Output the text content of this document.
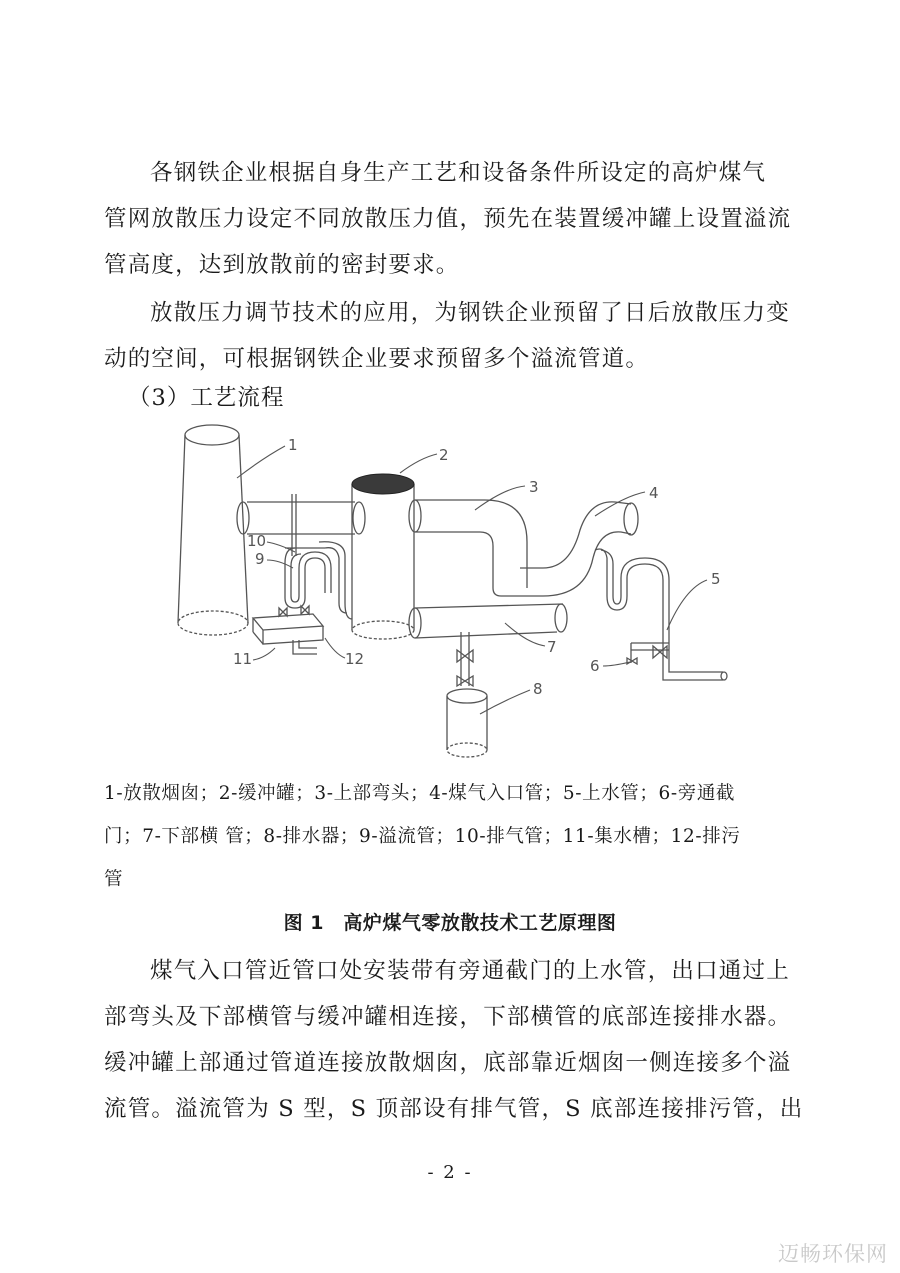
各钢铁企业根据自身生产工艺和设备条件所设定的高炉煤气
管网放散压力设定不同放散压力值，预先在装置缓冲罐上设置溢流
管高度，达到放散前的密封要求。

放散压力调节技术的应用，为钢铁企业预留了日后放散压力变
动的空间，可根据钢铁企业要求预留多个溢流管道。

（3）工艺流程
1
2
3	4
5
6
7
8
9
10
11	12
1-放散烟囱；2-缓冲罐；3-上部弯头；4-煤气入口管；5-上水管；6-旁通截
门；7-下部横 管；8-排水器；9-溢流管；10-排气管；11-集水槽；12-排污
管
图 1　高炉煤气零放散技术工艺原理图

煤气入口管近管口处安装带有旁通截门的上水管，出口通过上
部弯头及下部横管与缓冲罐相连接，下部横管的底部连接排水器。
缓冲罐上部通过管道连接放散烟囱，底部靠近烟囱一侧连接多个溢
流管。溢流管为 S 型，S 顶部设有排气管，S 底部连接排污管，出

- 2 -
迈畅环保网
